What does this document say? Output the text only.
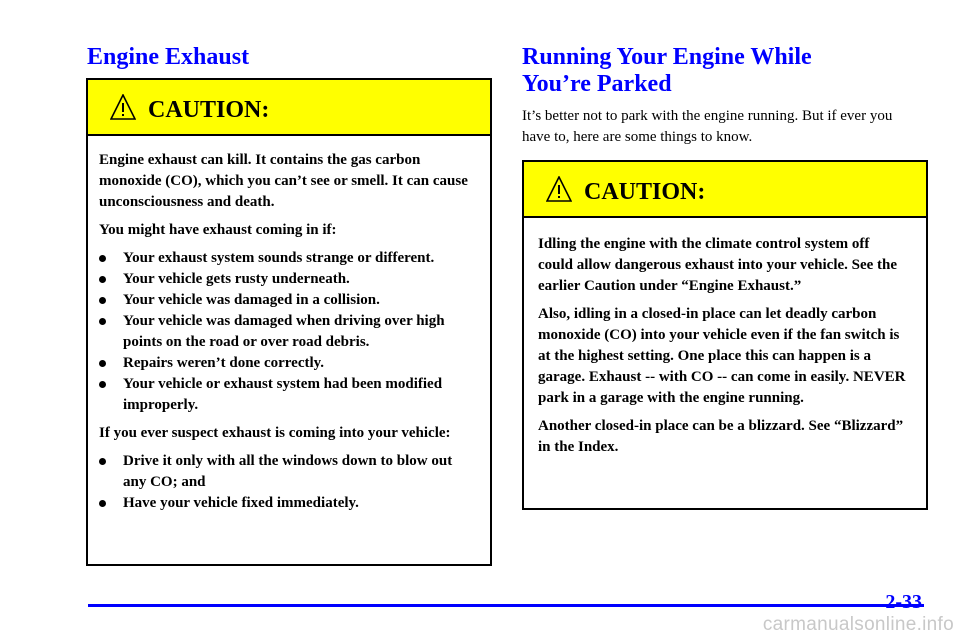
Engine Exhaust
CAUTION:

Engine exhaust can kill. It contains the gas carbon monoxide (CO), which you can’t see or smell. It can cause unconsciousness and death.

You might have exhaust coming in if:

Your exhaust system sounds strange or different.
Your vehicle gets rusty underneath.
Your vehicle was damaged in a collision.
Your vehicle was damaged when driving over high points on the road or over road debris.
Repairs weren’t done correctly.
Your vehicle or exhaust system had been modified improperly.

If you ever suspect exhaust is coming into your vehicle:

Drive it only with all the windows down to blow out any CO; and
Have your vehicle fixed immediately.
Running Your Engine While
You’re Parked

It’s better not to park with the engine running. But if ever you have to, here are some things to know.

CAUTION:

Idling the engine with the climate control system off could allow dangerous exhaust into your vehicle. See the earlier Caution under “Engine Exhaust.”

Also, idling in a closed-in place can let deadly carbon monoxide (CO) into your vehicle even if the fan switch is at the highest setting. One place this can happen is a garage. Exhaust -- with CO -- can come in easily. NEVER park in a garage with the engine running.

Another closed-in place can be a blizzard. See “Blizzard” in the Index.

2-33
carmanualsonline.info
